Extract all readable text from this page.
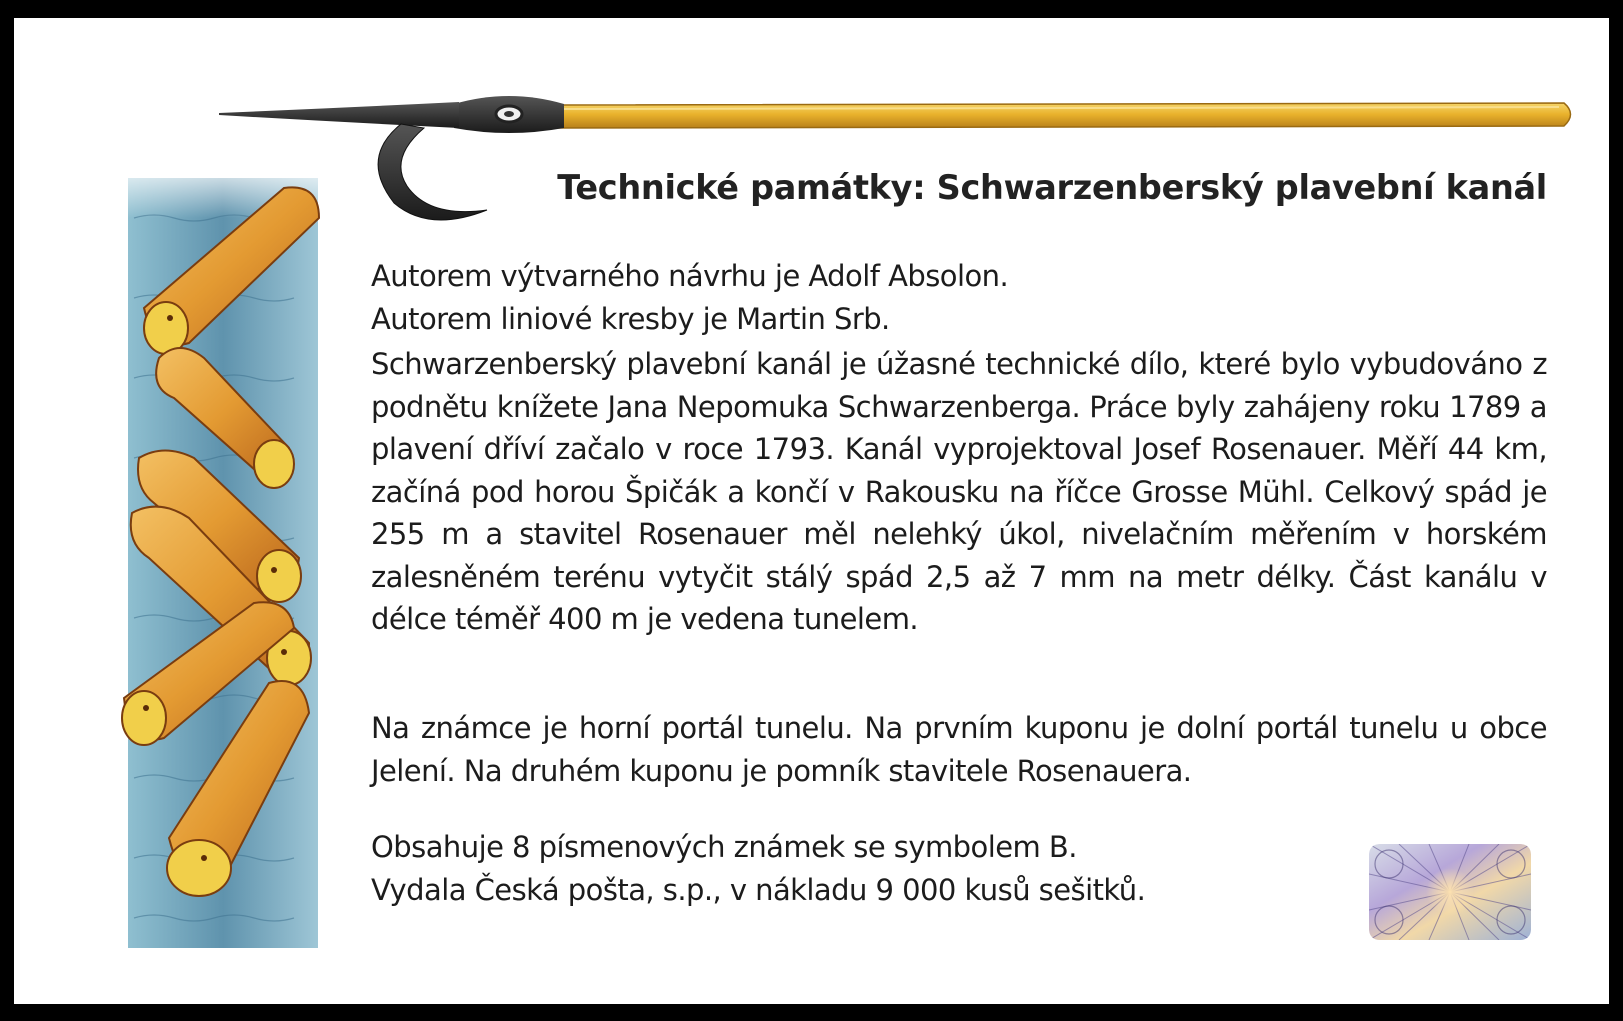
Technické památky: Schwarzenberský plavební kanál

Autorem výtvarného návrhu je Adolf Absolon.
Autorem liniové kresby je Martin Srb.

Schwarzenberský plavební kanál je úžasné technické dílo, které bylo vybudováno z podnětu knížete Jana Nepomuka Schwarzenberga. Práce byly zahájeny roku 1789 a plavení dříví začalo v roce 1793. Kanál vyprojektoval Josef Rosenauer. Měří 44 km, začíná pod horou Špičák a končí v Rakousku na říčce Grosse Mühl. Celkový spád je 255 m a stavitel Rosenauer měl nelehký úkol, nivelačním měřením v horském zalesněném terénu vytyčit stálý spád 2,5 až 7 mm na metr délky. Část kanálu v délce téměř 400 m je vedena tunelem.

Na známce je horní portál tunelu. Na prvním kuponu je dolní portál tunelu u obce Jelení. Na druhém kuponu je pomník stavitele Rosenauera.

Obsahuje 8 písmenových známek se symbolem B.
Vydala Česká pošta, s.p., v nákladu 9 000 kusů sešitků.
